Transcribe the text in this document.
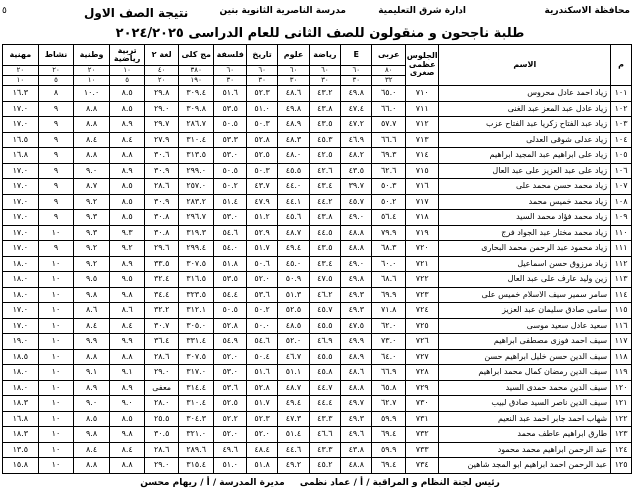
محافظة الاسكندرية
ادارة شرق التعليمية
مدرسة الناصرية الثانوية بنين
نتيجة الصف الاول
٥
طلبة ناجحون و منقولون للصف الثانى للعام الدراسى ٢٠٢٤/٢٠٢٥
م	الاسم	الجلوس عظمى صغرى	عربى	E	رياضة	علوم	تاريخ	فلسفة	مج كلى	لغة ٢	تربية رياضية	وطنية	نشاط	مهنية
			٨٠	٦٠	٦٠	٦٠	٦٠	٦٠	٣٨٠	٤٠	١٠	٢٠	٢٠	٢٠
			٣٢	٣٠	٣٠	٣٠	٣٠	٣٠	١٩٠	٢٠	٥	١٠	٥	١٠
١٠١	زياد احمد عادل محروس	٧١٠	٦٥.٠	٤٩.٨	٤٣.٢	٤٨.٦	٥٢.٣	٥١.٦	٣٠٩.٤	٢٩.٨	٨.٥	١٠.٠	٨	١٦.٣
١٠٢	زياد عادل عبد المعز عبد الغنى	٧١١	٦٦.٠	٤٧.٤	٤٣.٨	٤٩.٨	٥١.٠	٥٣.٥	٣٠٩.٨	٢٩.٠	٨.٥	٨.٨	٩	١٧.٠
١٠٣	زياد عبد الفتاح زكريا عبد الفتاح عزب	٧١٢	٥٧.٧	٤٧.٢	٤٣.٥	٤٨.٩	٥٠.٣	٥٠.٥	٢٨٦.٧	٢٩.٧	٨.٩	٨.٨	٩	١٧.٠
١٠٤	زياد عدلى شوقى العدلى	٧١٣	٦٦.٦	٤٦.٩	٤٥.٣	٤٨.٣	٥٢.٨	٥٣.٣	٣١٠.٤	٢٧.٩	٨.٤	٨.٤	٩	١٦.٥
١٠٥	زياد على ابراهيم عبد المجيد ابراهيم	٧١٤	٦٩.٣	٤٨.٢	٤٢.٥	٤٨.٠	٥٢.٥	٥٣.٠	٣١٣.٥	٣٠.٦	٨.٨	٨.٨	٩	١٦.٨
١٠٦	زياد على عبد العزيز على عبد العال	٧١٥	٦٢.٦	٤٣.٥	٤٢.٦	٤٥.٥	٥٠.٣	٥٠.٥	٢٩٩.٠	٣٠.٩	٨.٩	٩.٠	٩	١٧.٠
١٠٧	زياد محمد حسن محمد على	٧١٦	٥٠.٣	٣٩.٧	٤٣.٤	٤٤.٠	٤٣.٧	٥٠.٢	٢٥٧.٠	٢٨.٦	٨.٥	٨.٧	٩	١٧.٠
١٠٨	زياد محمد خميس محمد	٧١٧	٥٠.٢	٤٥.٧	٤٤.٢	٤٤.١	٤٧.٩	٥١.٤	٢٨٣.٢	٣٠.٩	٨.٥	٩.٢	٩	١٧.٠
١٠٩	زياد محمد فؤاد محمد السيد	٧١٨	٥٦.٤	٤٩.٠	٤٣.٨	٤٥.٦	٥١.٢	٥٣.٠	٢٩٦.٧	٣٠.٨	٨.٥	٩.٣	٩	١٧.٠
١١٠	زياد محمد مختار عبد الجواد فرج	٧١٩	٧٩.٩	٤٨.٨	٤٤.٥	٤٨.٧	٥٢.٩	٥٤.٦	٣١٩.٣	٣٠.٨	٩.٣	٩.٣	١٠	١٧.٠
١١١	زياد محمود عبد الرحمن محمد البحارى	٧٢٠	٦٨.٣	٤٨.٨	٤٣.٥	٤٩.٤	٥١.٧	٥٤.٠	٢٩٩.٤	٢٩.٦	٩.٢	٩.٢	٩	١٧.٠
١١٢	زياد مرزوق حسن اسماعيل	٧٢١	٦٠.٠	٤٩.٠	٤٣.٤	٤٥.٠	٥٠.٦	٥١.٨	٣٠٧.٥	٣٣.٥	٨.٩	٩.٢	١٠	١٨.٠
١١٣	زين وليد عارف على عبد العال	٧٢٢	٦٨.٦	٤٩.٨	٤٧.٥	٥٠.٩	٥٢.٠	٥٣.٥	٣١٦.٥	٣٢.٤	٩.٥	٩.٥	١٠	١٨.٠
١١٤	سامر سمير سيف الاسلام خميس على	٧٢٣	٦٩.٩	٤٩.٣	٤٦.٢	٥١.٣	٥٣.٦	٥٤.٤	٣٢٣.٥	٣٤.٤	٩.٨	٩.٨	١٠	١٨.٠
١١٥	سامى صادق سليمان عبد العزيز	٧٢٤	٧١.٨	٤٩.٣	٤٥.٧	٥٢.٥	٥٠.٢	٥٠.٥	٣١٢.١	٣٢.٢	٨.٦	٨.٦	١٠	١٧.٠
١١٦	سعيد عادل سعيد موسى	٧٢٥	٦٢.٠	٤٧.٥	٤٥.٥	٤٨.٥	٥٠.٠	٥٢.٨	٣٠٥.٠	٣٠.٧	٨.٤	٨.٤	١٠	١٧.٠
١١٧	سيف احمد فوزى مصطفى ابراهيم	٧٢٦	٧٣.٠	٤٩.٩	٤٦.٩	٥٢.٠	٥٤.٦	٥٤.٩	٣٣١.٤	٣٦.٤	٩.٩	٩.٩	١٠	١٩.٠
١١٨	سيف الدين حسن خليل ابراهيم حسن	٧٢٧	٦٤.٠	٤٨.٩	٤٥.٥	٤٦.٧	٥٠.٤	٥٢.٠	٣٠٧.٥	٢٨.٦	٨.٨	٨.٨	١٠	١٨.٥
١١٩	سيف الدين رمضان كمال محمد ابراهيم	٧٢٨	٦٦.٩	٤٨.٦	٤٥.٨	٥١.١	٥١.٦	٥٣.٠	٣١٧.٠	٢٩.٠	٩.١	٩.١	١٠	١٨.٠
١٢٠	سيف الدين محمد حمدى السيد	٧٢٩	٦٥.٨	٤٨.٨	٤٤.٧	٤٨.٧	٥٢.٨	٥٣.٦	٣١٤.٤	معفى	٨.٩	٨.٩	١٠	١٨.٠
١٢١	سيف الدين ناصر السيد صادق لبيب	٧٣٠	٦٢.٧	٤٩.٧	٤٤.٤	٤٩.٤	٥١.٧	٥٢.٥	٣١٠.٤	٢٨.٠	٩.٠	٩.٠	١٠	١٨.٣
١٢٢	شهاب احمد جابر احمد عبد النعيم	٧٣١	٥٩.٩	٤٩.٣	٤٣.٣	٤٧.٣	٥٢.٣	٥٢.٢	٣٠٤.٣	٢٥.٥	٨.٥	٨.٥	١٠	١٦.٨
١٢٣	طارق ابراهيم عاطف محمد	٧٣٢	٦٩.٤	٤٩.٦	٤٦.٦	٥١.٤	٥٢.٠	٥٢.٠	٣٢١.٠	٣٠.٥	٩.٨	٩.٨	١٠	١٨.٣
١٢٤	عبد الرحمن ابراهيم محمد محمود	٧٣٣	٥٩.٩	٤٣.٨	٤٣.٣	٤٤.٦	٤٨.٤	٤٩.٦	٢٨٩.٦	٢٨.٦	٨.٤	٨.٤	١٠	١٣.٥
١٢٥	عبد الرحمن احمد ابراهيم ابو المجد شاهين	٧٣٤	٦٩.٤	٤٨.٨	٤٥.٢	٤٩.٢	٥١.٨	٥١.٠	٣١٥.٤	٢٩.٠	٨.٨	٨.٨	١٠	١٥.٨
رئيس لجنة النظام و المراقبة / أ / عماد نظمى مديرة المدرسة / أ / ريهام محسن
